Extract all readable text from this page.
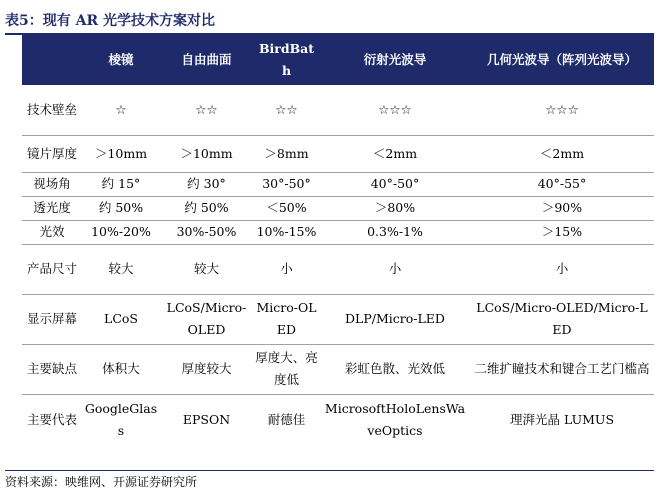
表5：现有 AR 光学技术方案对比
	棱镜	自由曲面	BirdBath	衍射光波导	几何光波导（阵列光波导）
技术壁垒	☆	☆☆	☆☆	☆☆☆	☆☆☆
镜片厚度	＞10mm	＞10mm	＞8mm	＜2mm	＜2mm
视场角	约 15°	约 30°	30°-50°	40°-50°	40°-55°
透光度	约 50%	约 50%	＜50%	＞80%	＞90%
光效	10%-20%	30%-50%	10%-15%	0.3%-1%	＞15%
产品尺寸	较大	较大	小	小	小
显示屏幕	LCoS	LCoS/Micro-OLED	Micro-OLED	DLP/Micro-LED	LCoS/Micro-OLED/Micro-LED
主要缺点	体积大	厚度较大	厚度大、亮度低	彩虹色散、光效低	二维扩瞳技术和键合工艺门槛高
主要代表	GoogleGlass	EPSON	耐德佳	MicrosoftHoloLensWaveOptics	理湃光晶 LUMUS
资料来源：映维网、开源证券研究所
